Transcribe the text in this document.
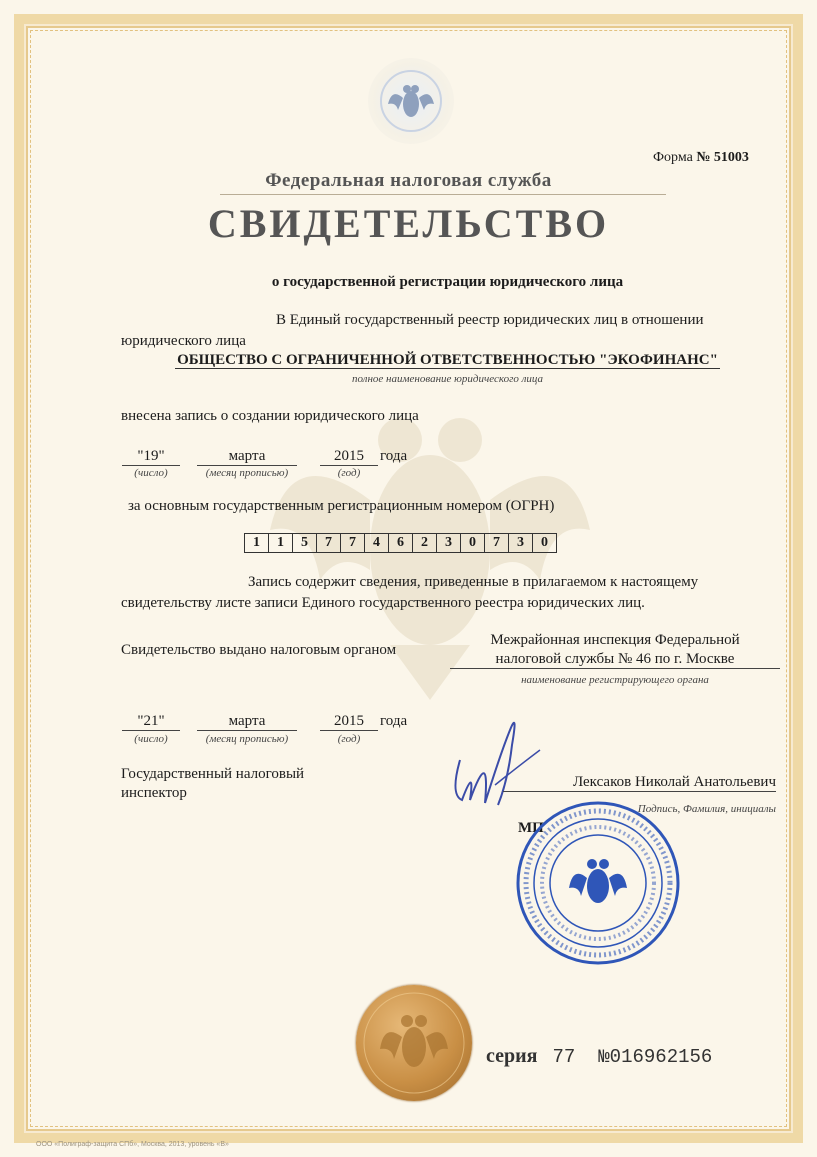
Форма № 51003
Федеральная налоговая служба
СВИДЕТЕЛЬСТВО
о государственной регистрации юридического лица
В Единый государственный реестр юридических лиц в отношении
юридического лица
ОБЩЕСТВО С ОГРАНИЧЕННОЙ ОТВЕТСТВЕННОСТЬЮ "ЭКОФИНАНС"
полное наименование юридического лица
внесена запись о создании юридического лица
"19"	марта	2015	года
(число)	(месяц прописью)	(год)
за основным государственным регистрационным номером (ОГРН)
1	1	5	7	7	4	6	2	3	0	7	3	0
Запись содержит сведения, приведенные в прилагаемом к настоящему
свидетельству листе записи Единого государственного реестра юридических лиц.
Свидетельство выдано налоговым органом
Межрайонная инспекция Федеральной
налоговой службы № 46 по г. Москве
наименование регистрирующего органа
"21"	марта	2015	года
(число)	(месяц прописью)	(год)
Государственный налоговый
инспектор
Лексаков Николай Анатольевич
Подпись, Фамилия, инициалы
МП
серия 77 №016962156
ООО «Полиграф-защита СПб», Москва, 2013, уровень «В»
